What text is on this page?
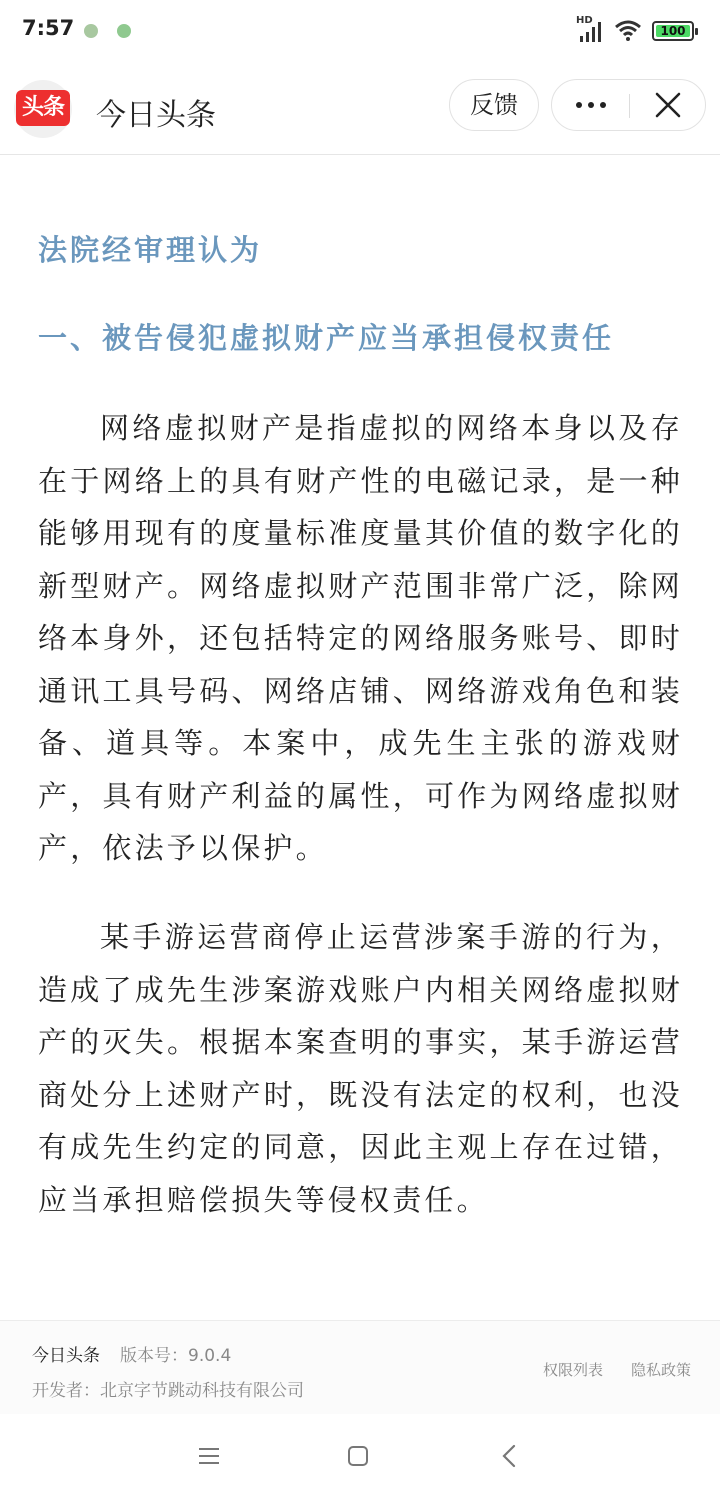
7:57	HD
100
头条 今日头条	反馈
法院经审理认为
一、被告侵犯虚拟财产应当承担侵权责任

网络虚拟财产是指虚拟的网络本身以及存在于网络上的具有财产性的电磁记录，是一种能够用现有的度量标准度量其价值的数字化的新型财产。网络虚拟财产范围非常广泛，除网络本身外，还包括特定的网络服务账号、即时通讯工具号码、网络店铺、网络游戏角色和装备、道具等。本案中，成先生主张的游戏财产，具有财产利益的属性，可作为网络虚拟财产，依法予以保护。

某手游运营商停止运营涉案手游的行为，造成了成先生涉案游戏账户内相关网络虚拟财产的灭失。根据本案查明的事实，某手游运营商处分上述财产时，既没有法定的权利，也没有成先生约定的同意，因此主观上存在过错，应当承担赔偿损失等侵权责任。

今日头条 版本号：9.0.4
开发者：北京字节跳动科技有限公司
权限列表 隐私政策
